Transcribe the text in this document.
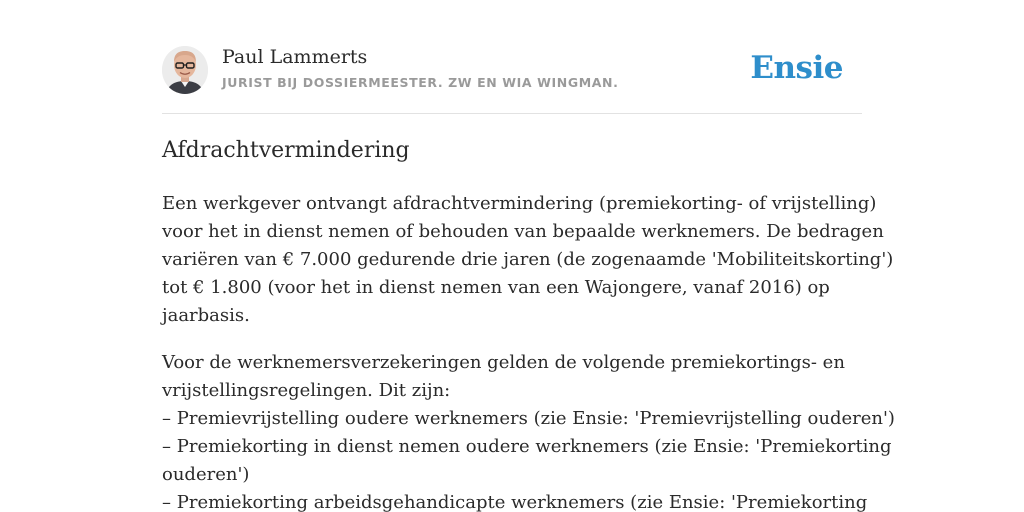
Paul Lammerts
JURIST BIJ DOSSIERMEESTER. ZW EN WIA WINGMAN.	Ensie
Afdrachtvermindering

Een werkgever ontvangt afdrachtvermindering (premiekorting- of vrijstelling)
voor het in dienst nemen of behouden van bepaalde werknemers. De bedragen
variëren van € 7.000 gedurende drie jaren (de zogenaamde 'Mobiliteitskorting')
tot € 1.800 (voor het in dienst nemen van een Wajongere, vanaf 2016) op
jaarbasis.

Voor de werknemersverzekeringen gelden de volgende premiekortings- en
vrijstellingsregelingen. Dit zijn:
– Premievrijstelling oudere werknemers (zie Ensie: 'Premievrijstelling ouderen')
– Premiekorting in dienst nemen oudere werknemers (zie Ensie: 'Premiekorting
ouderen')
– Premiekorting arbeidsgehandicapte werknemers (zie Ensie: 'Premiekorting
